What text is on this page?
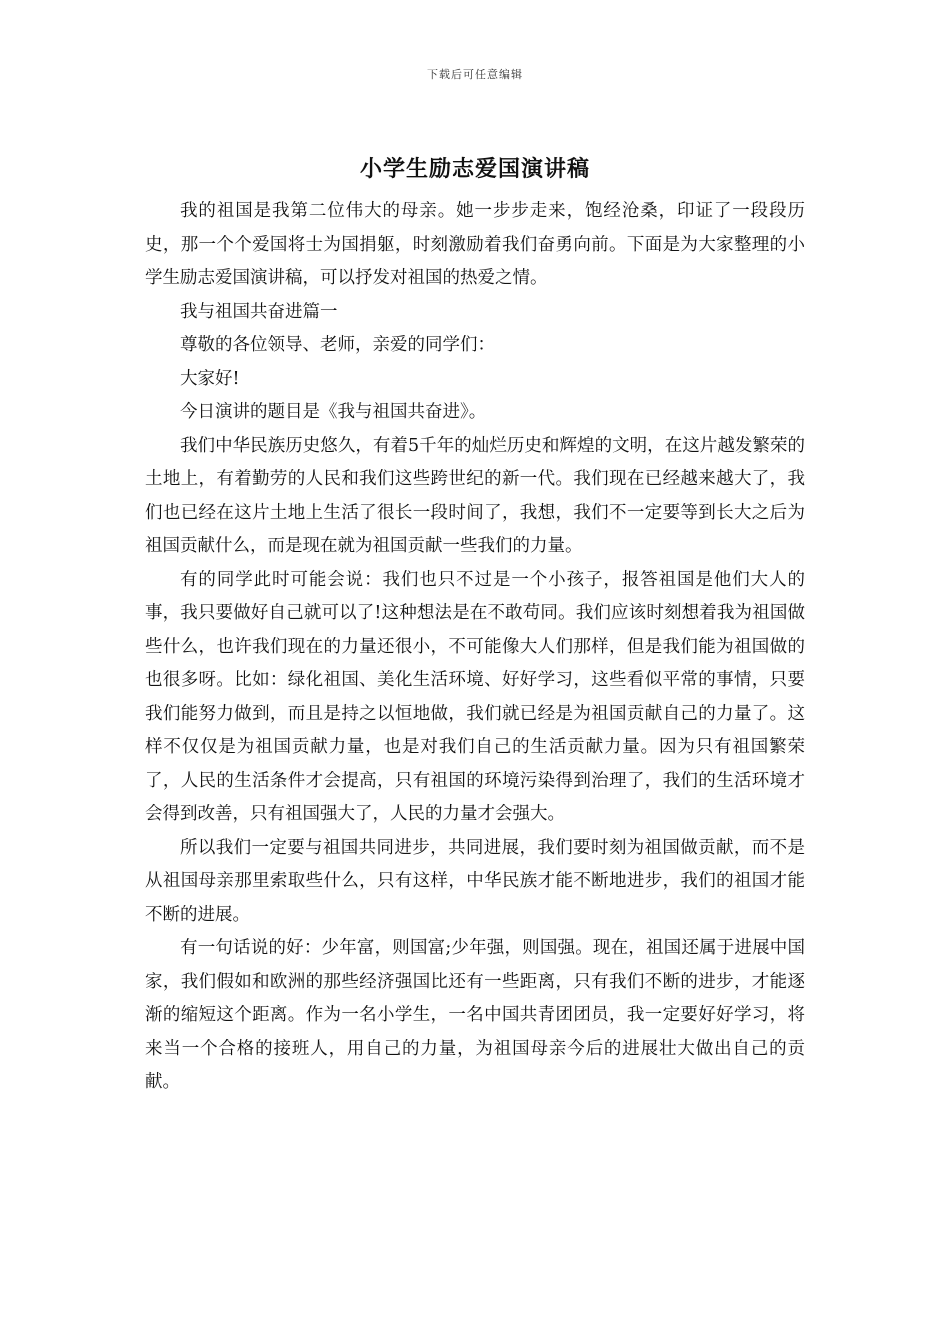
下载后可任意编辑
小学生励志爱国演讲稿

我的祖国是我第二位伟大的母亲。她一步步走来，饱经沧桑，印证了一段段历史，那一个个爱国将士为国捐躯，时刻激励着我们奋勇向前。下面是为大家整理的小学生励志爱国演讲稿，可以抒发对祖国的热爱之情。

我与祖国共奋进篇一

尊敬的各位领导、老师，亲爱的同学们：

大家好!

今日演讲的题目是《我与祖国共奋进》。

我们中华民族历史悠久，有着5千年的灿烂历史和辉煌的文明，在这片越发繁荣的土地上，有着勤劳的人民和我们这些跨世纪的新一代。我们现在已经越来越大了，我们也已经在这片土地上生活了很长一段时间了，我想，我们不一定要等到长大之后为祖国贡献什么，而是现在就为祖国贡献一些我们的力量。

有的同学此时可能会说：我们也只不过是一个小孩子，报答祖国是他们大人的事，我只要做好自己就可以了!这种想法是在不敢苟同。我们应该时刻想着我为祖国做些什么，也许我们现在的力量还很小，不可能像大人们那样，但是我们能为祖国做的也很多呀。比如：绿化祖国、美化生活环境、好好学习，这些看似平常的事情，只要我们能努力做到，而且是持之以恒地做，我们就已经是为祖国贡献自己的力量了。这样不仅仅是为祖国贡献力量，也是对我们自己的生活贡献力量。因为只有祖国繁荣了，人民的生活条件才会提高，只有祖国的环境污染得到治理了，我们的生活环境才会得到改善，只有祖国强大了，人民的力量才会强大。

所以我们一定要与祖国共同进步，共同进展，我们要时刻为祖国做贡献，而不是从祖国母亲那里索取些什么，只有这样，中华民族才能不断地进步，我们的祖国才能不断的进展。

有一句话说的好：少年富，则国富;少年强，则国强。现在，祖国还属于进展中国家，我们假如和欧洲的那些经济强国比还有一些距离，只有我们不断的进步，才能逐渐的缩短这个距离。作为一名小学生，一名中国共青团团员，我一定要好好学习，将来当一个合格的接班人，用自己的力量，为祖国母亲今后的进展壮大做出自己的贡献。
